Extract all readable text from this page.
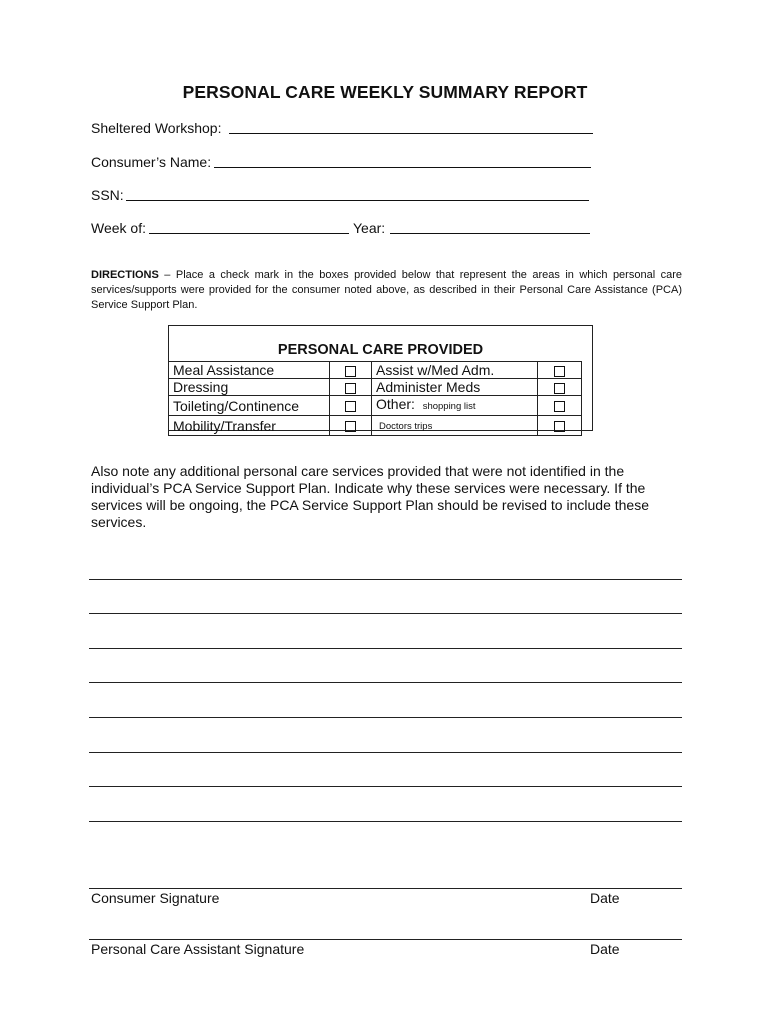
PERSONAL CARE WEEKLY SUMMARY REPORT
Sheltered Workshop:
Consumer’s Name:
SSN:
Week of:	Year:
DIRECTIONS – Place a check mark in the boxes provided below that represent the areas in which personal care services/supports were provided for the consumer noted above, as described in their Personal Care Assistance (PCA) Service Support Plan.
PERSONAL CARE PROVIDED
Meal Assistance		Assist w/Med Adm.	
Dressing		Administer Meds	
Toileting/Continence		Other: shopping list	
Mobility/Transfer		Doctors trips	
Also note any additional personal care services provided that were not identified in the individual’s PCA Service Support Plan. Indicate why these services were necessary. If the services will be ongoing, the PCA Service Support Plan should be revised to include these services.
Consumer Signature	Date
Personal Care Assistant Signature	Date
